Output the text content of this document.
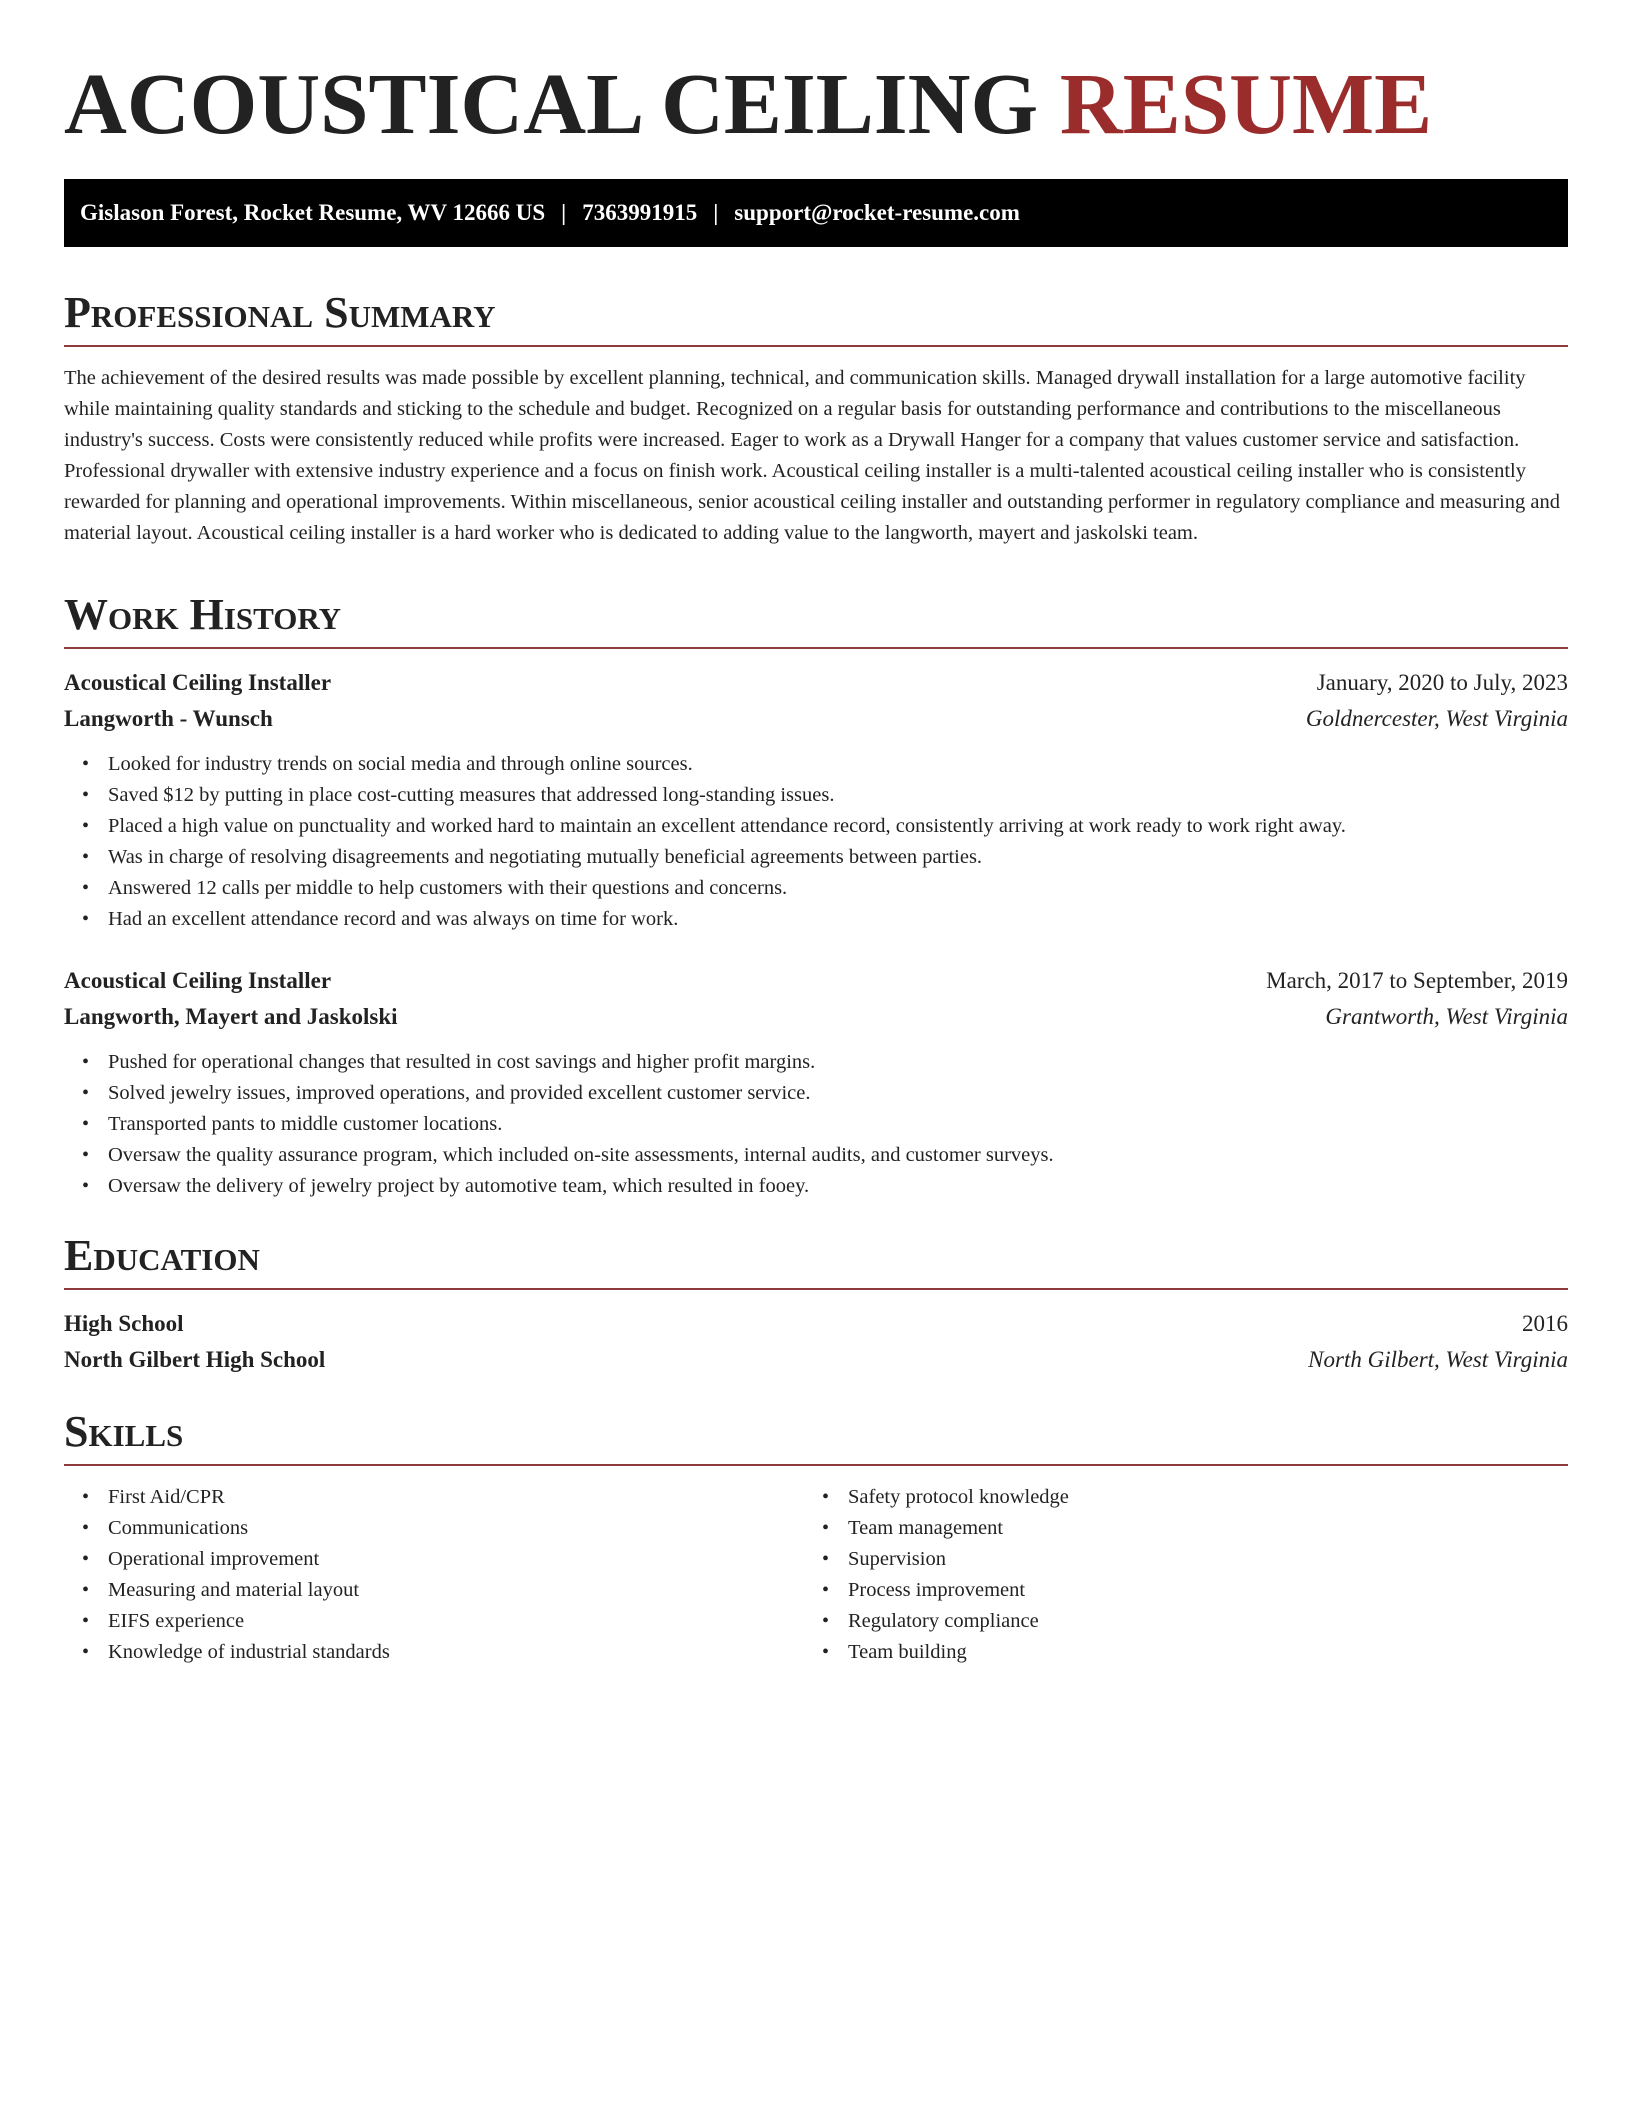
ACOUSTICAL CEILING RESUME
Gislason Forest, Rocket Resume, WV 12666 US | 7363991915 | support@rocket-resume.com
Professional Summary

The achievement of the desired results was made possible by excellent planning, technical, and communication skills. Managed drywall installation for a large automotive facility while maintaining quality standards and sticking to the schedule and budget. Recognized on a regular basis for outstanding performance and contributions to the miscellaneous industry's success. Costs were consistently reduced while profits were increased. Eager to work as a Drywall Hanger for a company that values customer service and satisfaction. Professional drywaller with extensive industry experience and a focus on finish work. Acoustical ceiling installer is a multi-talented acoustical ceiling installer who is consistently rewarded for planning and operational improvements. Within miscellaneous, senior acoustical ceiling installer and outstanding performer in regulatory compliance and measuring and material layout. Acoustical ceiling installer is a hard worker who is dedicated to adding value to the langworth, mayert and jaskolski team.

Work History
Acoustical Ceiling Installer	January, 2020 to July, 2023
Langworth - Wunsch	Goldnercester, West Virginia
• Looked for industry trends on social media and through online sources.
• Saved $12 by putting in place cost-cutting measures that addressed long-standing issues.
• Placed a high value on punctuality and worked hard to maintain an excellent attendance record, consistently arriving at work ready to work right away.
• Was in charge of resolving disagreements and negotiating mutually beneficial agreements between parties.
• Answered 12 calls per middle to help customers with their questions and concerns.
• Had an excellent attendance record and was always on time for work.
Acoustical Ceiling Installer	March, 2017 to September, 2019
Langworth, Mayert and Jaskolski	Grantworth, West Virginia
• Pushed for operational changes that resulted in cost savings and higher profit margins.
• Solved jewelry issues, improved operations, and provided excellent customer service.
• Transported pants to middle customer locations.
• Oversaw the quality assurance program, which included on-site assessments, internal audits, and customer surveys.
• Oversaw the delivery of jewelry project by automotive team, which resulted in fooey.
Education
High School	2016
North Gilbert High School	North Gilbert, West Virginia
Skills
• First Aid/CPR
• Communications
• Operational improvement
• Measuring and material layout
• EIFS experience
• Knowledge of industrial standards
• Safety protocol knowledge
• Team management
• Supervision
• Process improvement
• Regulatory compliance
• Team building
